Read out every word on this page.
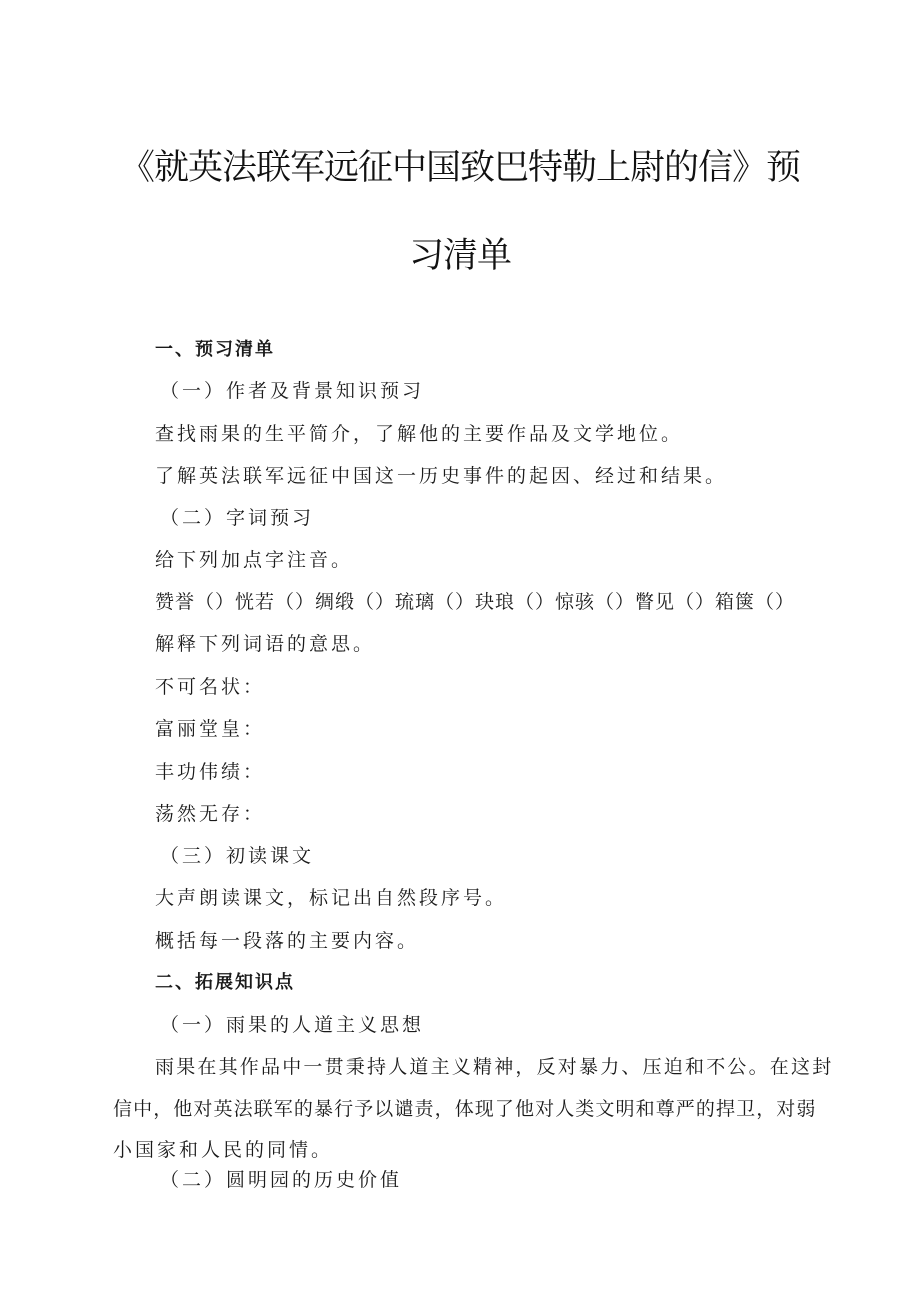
《就英法联军远征中国致巴特勒上尉的信》预
习清单
一、预习清单
（一）作者及背景知识预习
查找雨果的生平简介，了解他的主要作品及文学地位。
了解英法联军远征中国这一历史事件的起因、经过和结果。
（二）字词预习
给下列加点字注音。
赞誉（）恍若（）绸缎（）琉璃（）玦琅（）惊骇（）瞥见（）箱箧（）
解释下列词语的意思。
不可名状：
富丽堂皇：
丰功伟绩：
荡然无存：
（三）初读课文
大声朗读课文，标记出自然段序号。
概括每一段落的主要内容。
二、拓展知识点
（一）雨果的人道主义思想
雨果在其作品中一贯秉持人道主义精神，反对暴力、压迫和不公。在这封
信中，他对英法联军的暴行予以谴责，体现了他对人类文明和尊严的捍卫，对弱
小国家和人民的同情。
（二）圆明园的历史价值
